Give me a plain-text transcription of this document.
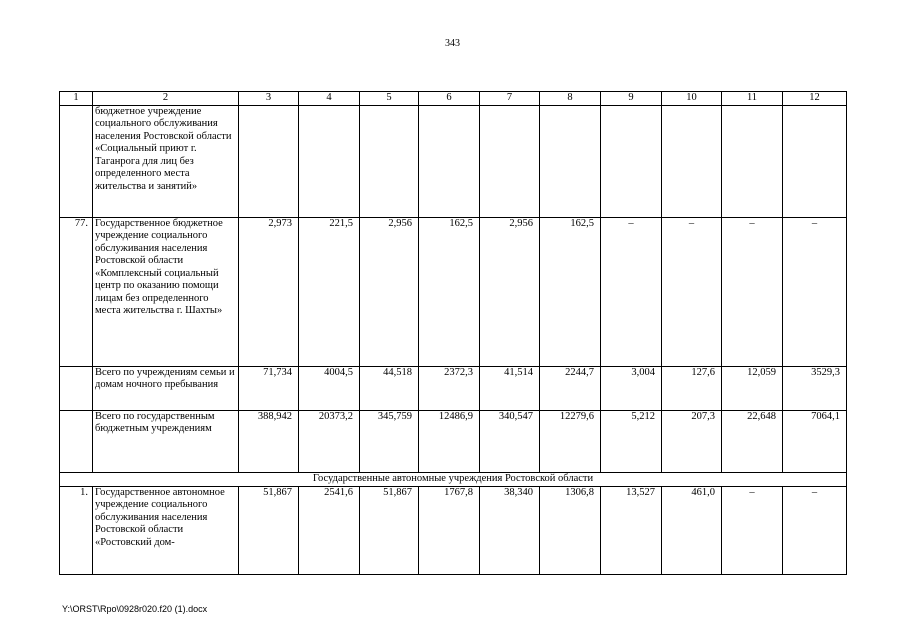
343
1	2	3	4	5	6	7	8	9	10	11	12
	бюджетное учреждение социального обслуживания населения Ростовской области «Социальный приют г. Таганрога для лиц без определенного места жительства и занятий»										
77.	Государственное бюджетное учреждение социального обслуживания населения Ростовской области «Комплексный социальный центр по оказанию помощи лицам без определенного места жительства г. Шахты»	2,973	221,5	2,956	162,5	2,956	162,5	–	–	–	–
	Всего по учреждениям семьи и домам ночного пребывания	71,734	4004,5	44,518	2372,3	41,514	2244,7	3,004	127,6	12,059	3529,3
	Всего по государственным бюджетным учреждениям	388,942	20373,2	345,759	12486,9	340,547	12279,6	5,212	207,3	22,648	7064,1
Государственные автономные учреждения Ростовской области											
1.	Государственное автономное учреждение социального обслуживания населения Ростовской области «Ростовский дом-	51,867	2541,6	51,867	1767,8	38,340	1306,8	13,527	461,0	–	–
Y:\ORST\Rpo\0928r020.f20 (1).docx
